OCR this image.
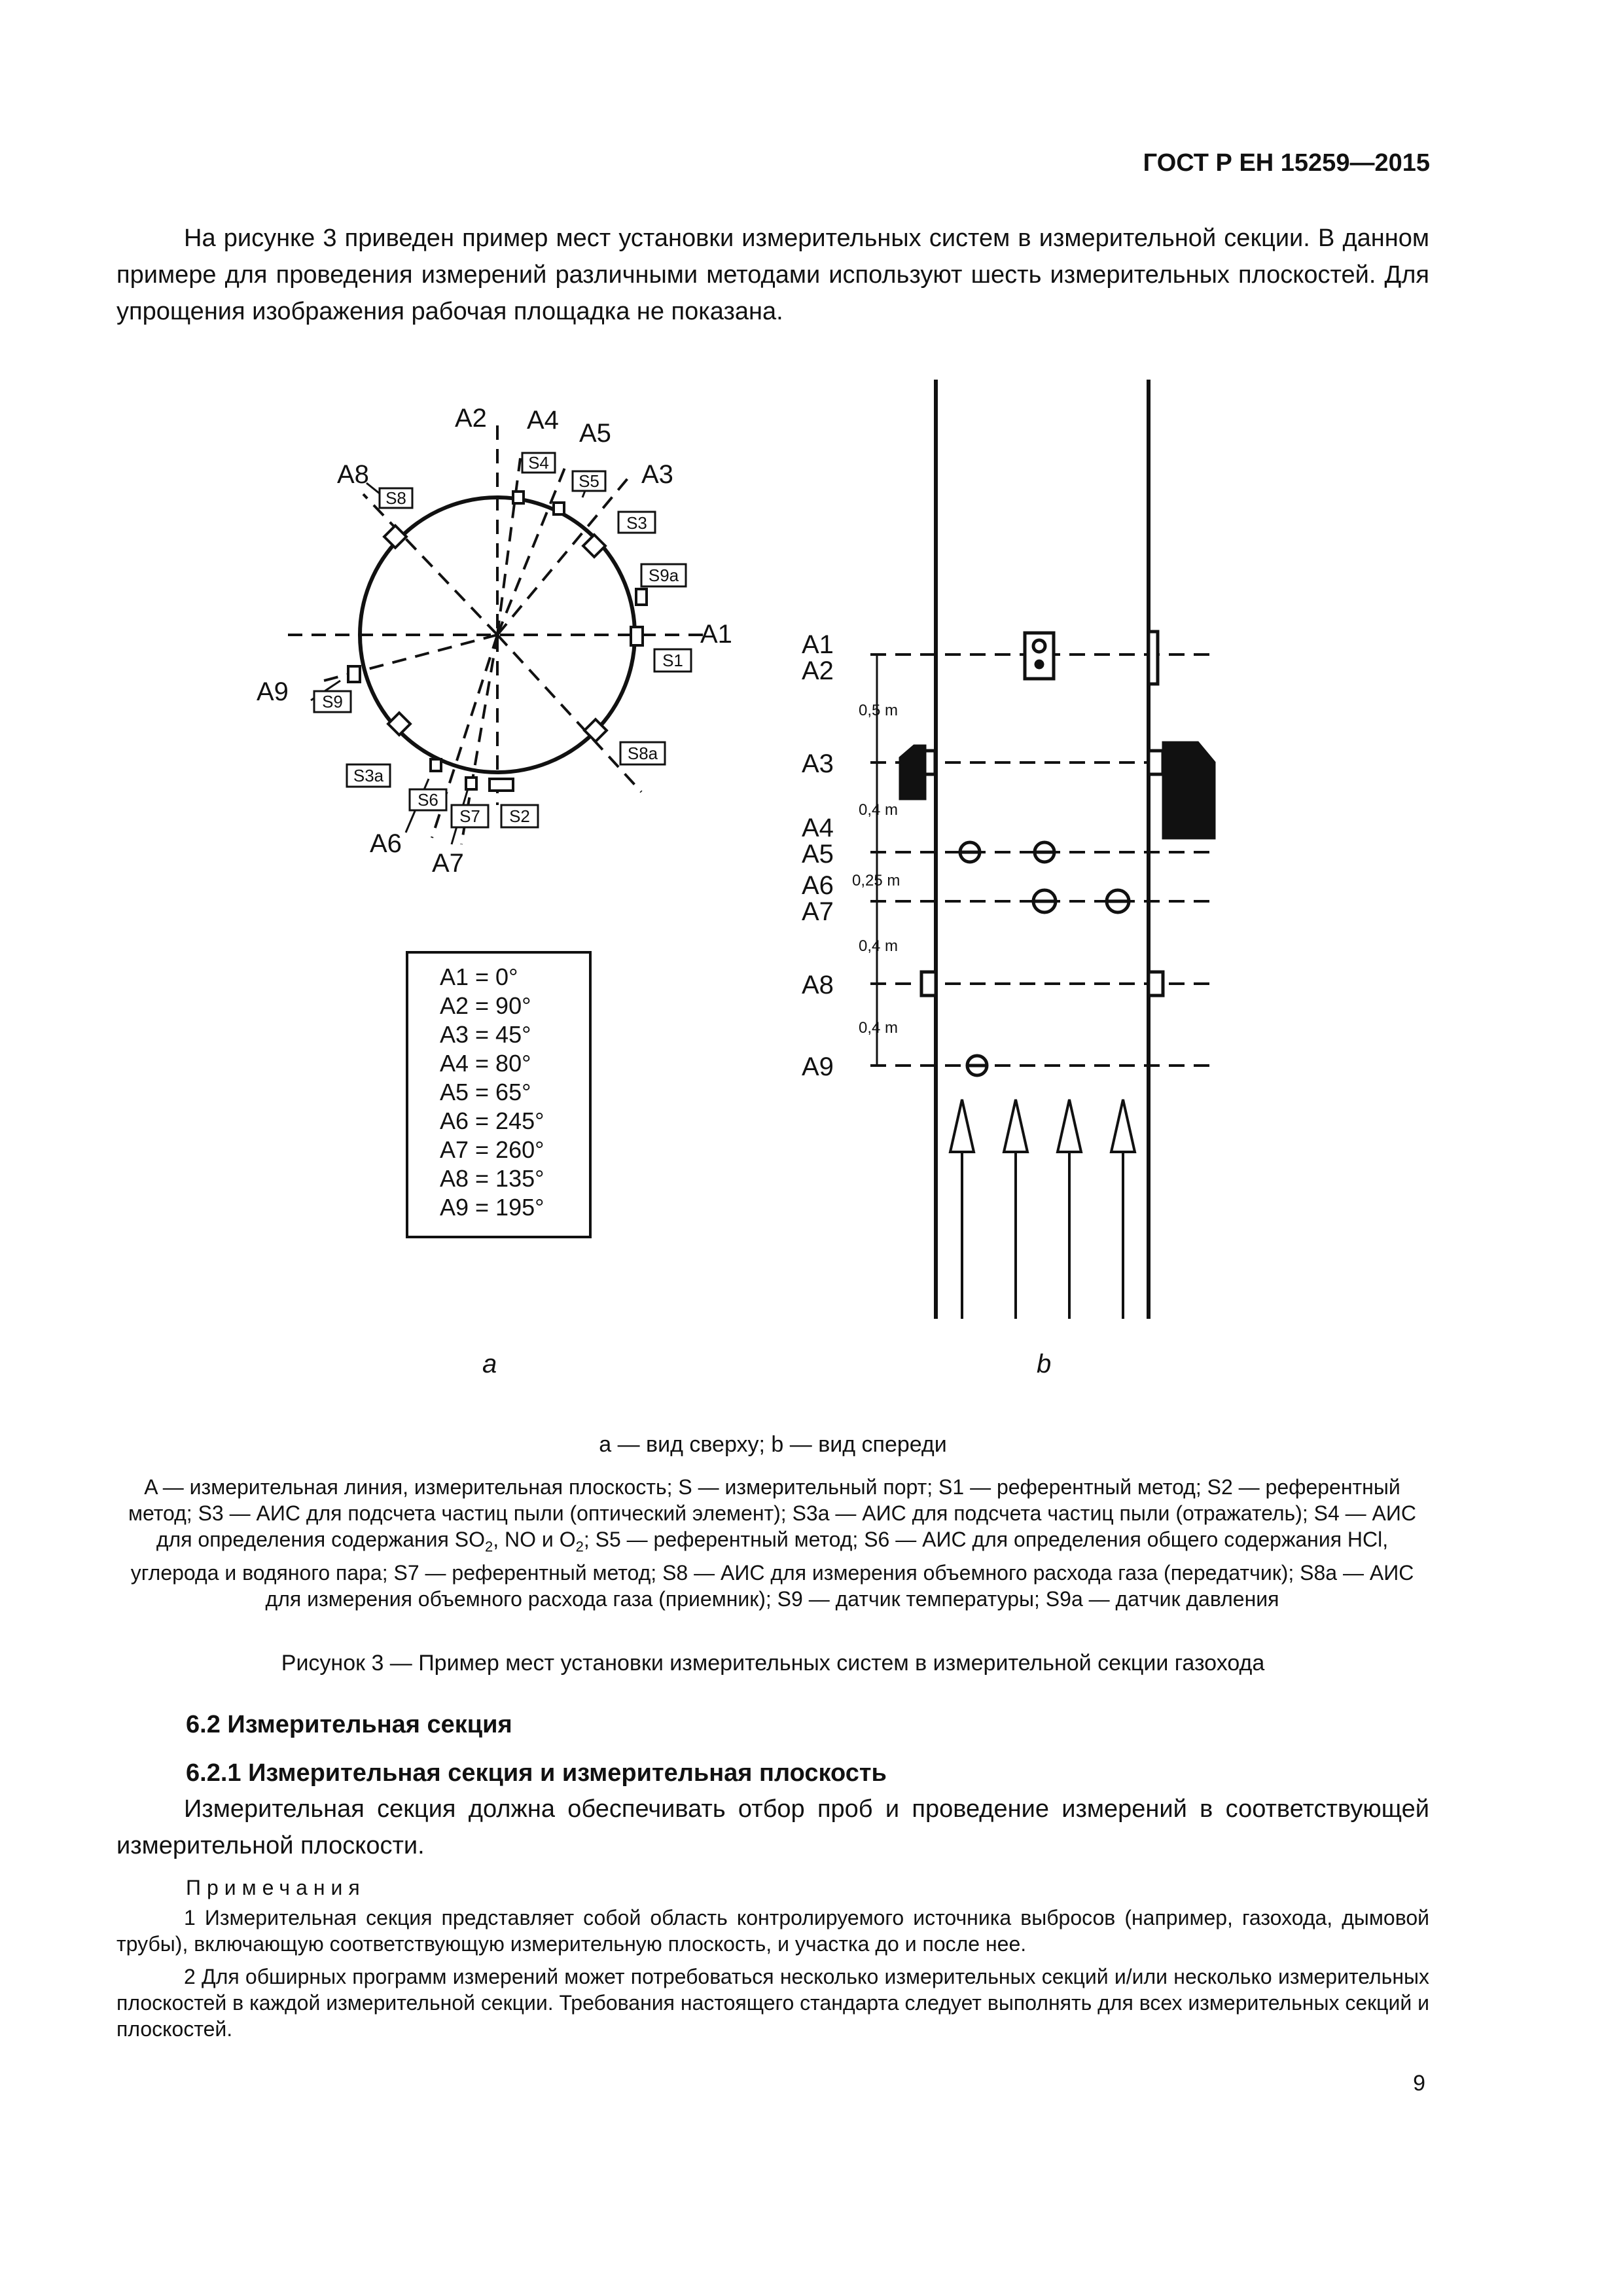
ГОСТ Р ЕН 15259—2015

На рисунке 3 приведен пример мест установки измерительных систем в измерительной секции. В данном примере для проведения измерений различными методами используют шесть измерительных плоскостей. Для упрощения изображения рабочая площадка не показана.

S8
S4
S5
S3
S9a
S1
S9
S8a
S3a
S6
S7 S2
A1
A2
A3
A4 A5
A6
A7
A8
A9
A1 = 0°
A2 = 90°
A3 = 45°
A4 = 80°
A5 = 65°
A6 = 245°
A7 = 260°
A8 = 135°
A9 = 195°
0,5 m
0,4 m
0,25 m
0,4 m
0,4 m
A1
A2
A3
A4
A5
A6
A7
A8
A9
a	b
a — вид сверху; b — вид спереди

A — измерительная линия, измерительная плоскость; S — измерительный порт; S1 — референтный метод; S2 — референтный метод; S3 — АИС для подсчета частиц пыли (оптический элемент); S3a — АИС для подсчета частиц пыли (отражатель); S4 — АИС для определения содержания $SO_2$, NO и $O_2$; S5 — референтный метод; S6 — АИС для определения общего содержания HCl, углерода и водяного пара; S7 — референтный метод; S8 — АИС для измерения объемного расхода газа (передатчик); S8a — АИС для измерения объемного расхода газа (приемник); S9 — датчик температуры; S9a — датчик давления

Рисунок 3 — Пример мест установки измерительных систем в измерительной секции газохода
6.2 Измерительная секция
6.2.1 Измерительная секция и измерительная плоскость

Измерительная секция должна обеспечивать отбор проб и проведение измерений в соответствующей измерительной плоскости.

Примечания

1 Измерительная секция представляет собой область контролируемого источника выбросов (например, газохода, дымовой трубы), включающую соответствующую измерительную плоскость, и участка до и после нее.

2 Для обширных программ измерений может потребоваться несколько измерительных секций и/или несколько измерительных плоскостей в каждой измерительной секции. Требования настоящего стандарта следует выполнять для всех измерительных секций и плоскостей.

9
